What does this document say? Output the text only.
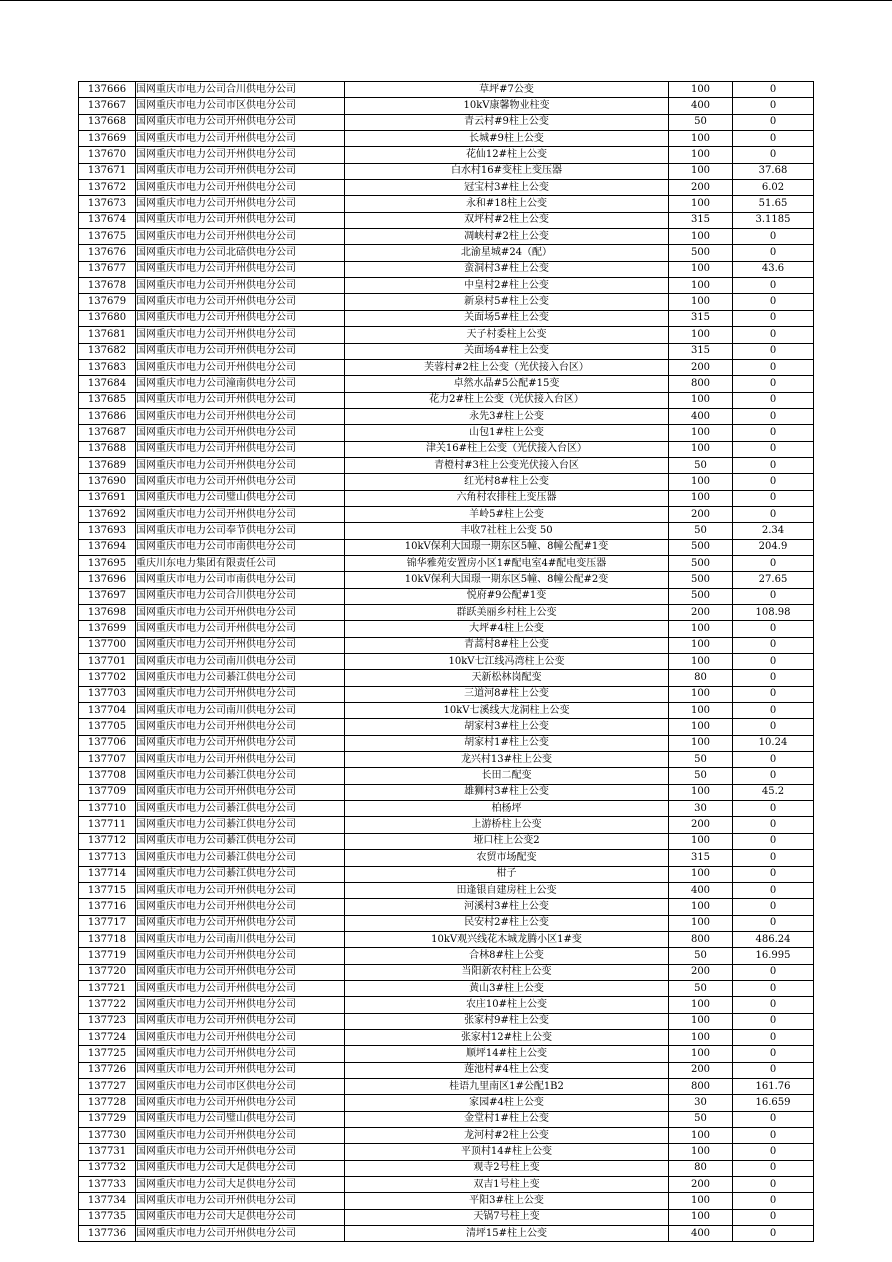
137666	国网重庆市电力公司合川供电分公司	草坪#7公变	100	0
137667	国网重庆市电力公司市区供电分公司	10kV康馨物业柱变	400	0
137668	国网重庆市电力公司开州供电分公司	青云村#9柱上公变	50	0
137669	国网重庆市电力公司开州供电分公司	长城#9柱上公变	100	0
137670	国网重庆市电力公司开州供电分公司	花仙12#柱上公变	100	0
137671	国网重庆市电力公司开州供电分公司	白水村16#变柱上变压器	100	37.68
137672	国网重庆市电力公司开州供电分公司	冠宝村3#柱上公变	200	6.02
137673	国网重庆市电力公司开州供电分公司	永和#18柱上公变	100	51.65
137674	国网重庆市电力公司开州供电分公司	双坪村#2柱上公变	315	3.1185
137675	国网重庆市电力公司开州供电分公司	凋峡村#2柱上公变	100	0
137676	国网重庆市电力公司北碚供电分公司	北渝星城#24（配）	500	0
137677	国网重庆市电力公司开州供电分公司	蛮洞村3#柱上公变	100	43.6
137678	国网重庆市电力公司开州供电分公司	中皇村2#柱上公变	100	0
137679	国网重庆市电力公司开州供电分公司	新泉村5#柱上公变	100	0
137680	国网重庆市电力公司开州供电分公司	关面场5#柱上公变	315	0
137681	国网重庆市电力公司开州供电分公司	天子村委柱上公变	100	0
137682	国网重庆市电力公司开州供电分公司	关面场4#柱上公变	315	0
137683	国网重庆市电力公司开州供电分公司	芙蓉村#2柱上公变（光伏接入台区）	200	0
137684	国网重庆市电力公司潼南供电分公司	卓然水晶#5公配#15变	800	0
137685	国网重庆市电力公司开州供电分公司	花力2#柱上公变（光伏接入台区）	100	0
137686	国网重庆市电力公司开州供电分公司	永先3#柱上公变	400	0
137687	国网重庆市电力公司开州供电分公司	山包1#柱上公变	100	0
137688	国网重庆市电力公司开州供电分公司	津关16#柱上公变（光伏接入台区）	100	0
137689	国网重庆市电力公司开州供电分公司	青橙村#3柱上公变光伏接入台区	50	0
137690	国网重庆市电力公司开州供电分公司	红光村8#柱上公变	100	0
137691	国网重庆市电力公司璧山供电分公司	六角村农排柱上变压器	100	0
137692	国网重庆市电力公司开州供电分公司	羊岭5#柱上公变	200	0
137693	国网重庆市电力公司奉节供电分公司	丰收7社柱上公变 50	50	2.34
137694	国网重庆市电力公司市南供电分公司	10kV保利大国璟一期东区5幢、8幢公配#1变	500	204.9
137695	重庆川东电力集团有限责任公司	锦华雅苑安置房小区1#配电室4#配电变压器	500	0
137696	国网重庆市电力公司市南供电分公司	10kV保利大国璟一期东区5幢、8幢公配#2变	500	27.65
137697	国网重庆市电力公司合川供电分公司	悦府#9公配#1变	500	0
137698	国网重庆市电力公司开州供电分公司	群跃美丽乡村柱上公变	200	108.98
137699	国网重庆市电力公司开州供电分公司	大坪#4柱上公变	100	0
137700	国网重庆市电力公司开州供电分公司	青蒿村8#柱上公变	100	0
137701	国网重庆市电力公司南川供电分公司	10kV七江线冯湾柱上公变	100	0
137702	国网重庆市电力公司綦江供电分公司	天新松林岗配变	80	0
137703	国网重庆市电力公司开州供电分公司	三道河8#柱上公变	100	0
137704	国网重庆市电力公司南川供电分公司	10kV七溪线大龙洞柱上公变	100	0
137705	国网重庆市电力公司开州供电分公司	胡家村3#柱上公变	100	0
137706	国网重庆市电力公司开州供电分公司	胡家村1#柱上公变	100	10.24
137707	国网重庆市电力公司开州供电分公司	龙兴村13#柱上公变	50	0
137708	国网重庆市电力公司綦江供电分公司	长田二配变	50	0
137709	国网重庆市电力公司开州供电分公司	雄狮村3#柱上公变	100	45.2
137710	国网重庆市电力公司綦江供电分公司	柏杨坪	30	0
137711	国网重庆市电力公司綦江供电分公司	上游桥柱上公变	200	0
137712	国网重庆市电力公司綦江供电分公司	垭口柱上公变2	100	0
137713	国网重庆市电力公司綦江供电分公司	农贸市场配变	315	0
137714	国网重庆市电力公司綦江供电分公司	柑子	100	0
137715	国网重庆市电力公司开州供电分公司	田逢银自建房柱上公变	400	0
137716	国网重庆市电力公司开州供电分公司	河溪村3#柱上公变	100	0
137717	国网重庆市电力公司开州供电分公司	民安村2#柱上公变	100	0
137718	国网重庆市电力公司南川供电分公司	10kV观兴线花木城龙腾小区1#变	800	486.24
137719	国网重庆市电力公司开州供电分公司	合林8#柱上公变	50	16.995
137720	国网重庆市电力公司开州供电分公司	当阳新农村柱上公变	200	0
137721	国网重庆市电力公司开州供电分公司	黄山3#柱上公变	50	0
137722	国网重庆市电力公司开州供电分公司	农庄10#柱上公变	100	0
137723	国网重庆市电力公司开州供电分公司	张家村9#柱上公变	100	0
137724	国网重庆市电力公司开州供电分公司	张家村12#柱上公变	100	0
137725	国网重庆市电力公司开州供电分公司	顺坪14#柱上公变	100	0
137726	国网重庆市电力公司开州供电分公司	莲池村#4柱上公变	200	0
137727	国网重庆市电力公司市区供电分公司	桂语九里南区1#公配1B2	800	161.76
137728	国网重庆市电力公司开州供电分公司	家园#4柱上公变	30	16.659
137729	国网重庆市电力公司璧山供电分公司	金堂村1#柱上公变	50	0
137730	国网重庆市电力公司开州供电分公司	龙河村#2柱上公变	100	0
137731	国网重庆市电力公司开州供电分公司	平顶村14#柱上公变	100	0
137732	国网重庆市电力公司大足供电分公司	观寺2号柱上变	80	0
137733	国网重庆市电力公司大足供电分公司	双吉1号柱上变	200	0
137734	国网重庆市电力公司开州供电分公司	平阳3#柱上公变	100	0
137735	国网重庆市电力公司大足供电分公司	天锅7号柱上变	100	0
137736	国网重庆市电力公司开州供电分公司	清坪15#柱上公变	400	0
